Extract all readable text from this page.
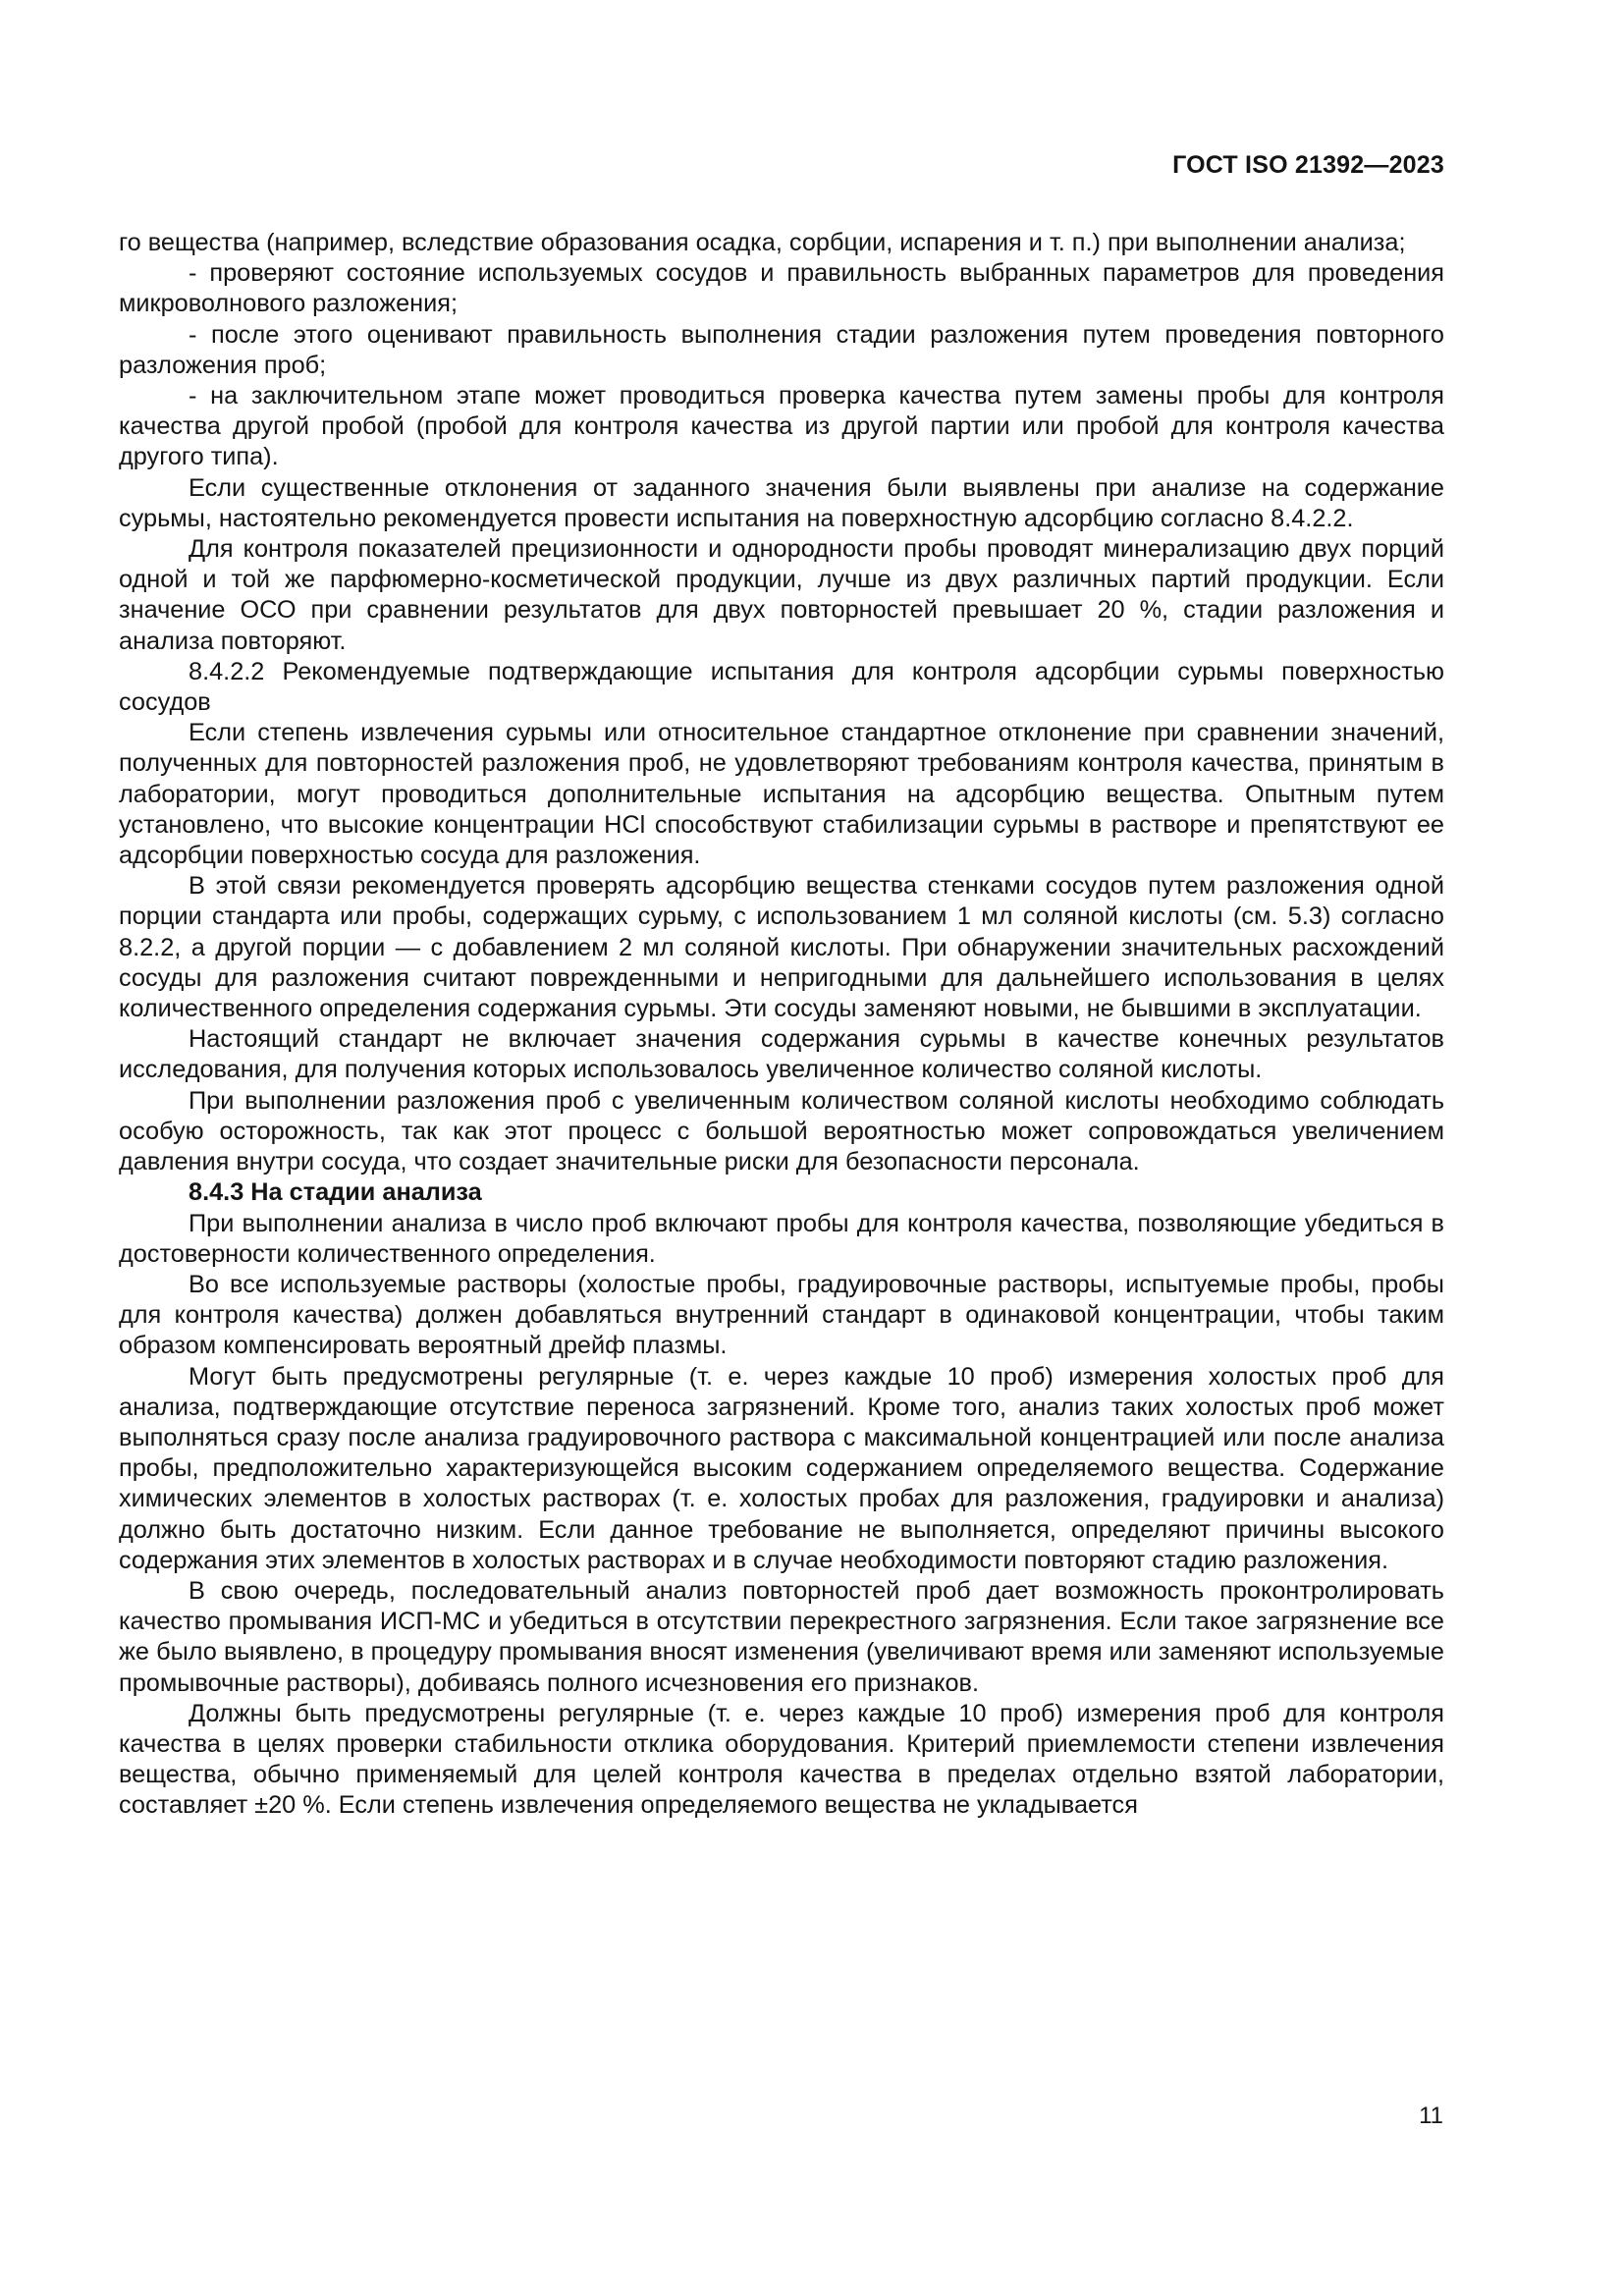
ГОСТ ISO 21392—2023

го вещества (например, вследствие образования осадка, сорбции, испарения и т. п.) при выполнении анализа;

- проверяют состояние используемых сосудов и правильность выбранных параметров для проведения микроволнового разложения;

- после этого оценивают правильность выполнения стадии разложения путем проведения повторного разложения проб;

- на заключительном этапе может проводиться проверка качества путем замены пробы для контроля качества другой пробой (пробой для контроля качества из другой партии или пробой для контроля качества другого типа).

Если существенные отклонения от заданного значения были выявлены при анализе на содержание сурьмы, настоятельно рекомендуется провести испытания на поверхностную адсорбцию согласно 8.4.2.2.

Для контроля показателей прецизионности и однородности пробы проводят минерализацию двух порций одной и той же парфюмерно-косметической продукции, лучше из двух различных партий продукции. Если значение ОСО при сравнении результатов для двух повторностей превышает 20 %, стадии разложения и анализа повторяют.

8.4.2.2 Рекомендуемые подтверждающие испытания для контроля адсорбции сурьмы поверхностью сосудов

Если степень извлечения сурьмы или относительное стандартное отклонение при сравнении значений, полученных для повторностей разложения проб, не удовлетворяют требованиям контроля качества, принятым в лаборатории, могут проводиться дополнительные испытания на адсорбцию вещества. Опытным путем установлено, что высокие концентрации HCl способствуют стабилизации сурьмы в растворе и препятствуют ее адсорбции поверхностью сосуда для разложения.

В этой связи рекомендуется проверять адсорбцию вещества стенками сосудов путем разложения одной порции стандарта или пробы, содержащих сурьму, с использованием 1 мл соляной кислоты (см. 5.3) согласно 8.2.2, а другой порции — с добавлением 2 мл соляной кислоты. При обнаружении значительных расхождений сосуды для разложения считают поврежденными и непригодными для дальнейшего использования в целях количественного определения содержания сурьмы. Эти сосуды заменяют новыми, не бывшими в эксплуатации.

Настоящий стандарт не включает значения содержания сурьмы в качестве конечных результатов исследования, для получения которых использовалось увеличенное количество соляной кислоты.

При выполнении разложения проб с увеличенным количеством соляной кислоты необходимо соблюдать особую осторожность, так как этот процесс с большой вероятностью может сопровождаться увеличением давления внутри сосуда, что создает значительные риски для безопасности персонала.

8.4.3 На стадии анализа

При выполнении анализа в число проб включают пробы для контроля качества, позволяющие убедиться в достоверности количественного определения.

Во все используемые растворы (холостые пробы, градуировочные растворы, испытуемые пробы, пробы для контроля качества) должен добавляться внутренний стандарт в одинаковой концентрации, чтобы таким образом компенсировать вероятный дрейф плазмы.

Могут быть предусмотрены регулярные (т. е. через каждые 10 проб) измерения холостых проб для анализа, подтверждающие отсутствие переноса загрязнений. Кроме того, анализ таких холостых проб может выполняться сразу после анализа градуировочного раствора с максимальной концентрацией или после анализа пробы, предположительно характеризующейся высоким содержанием определяемого вещества. Содержание химических элементов в холостых растворах (т. е. холостых пробах для разложения, градуировки и анализа) должно быть достаточно низким. Если данное требование не выполняется, определяют причины высокого содержания этих элементов в холостых растворах и в случае необходимости повторяют стадию разложения.

В свою очередь, последовательный анализ повторностей проб дает возможность проконтролировать качество промывания ИСП-МС и убедиться в отсутствии перекрестного загрязнения. Если такое загрязнение все же было выявлено, в процедуру промывания вносят изменения (увеличивают время или заменяют используемые промывочные растворы), добиваясь полного исчезновения его признаков.

Должны быть предусмотрены регулярные (т. е. через каждые 10 проб) измерения проб для контроля качества в целях проверки стабильности отклика оборудования. Критерий приемлемости степени извлечения вещества, обычно применяемый для целей контроля качества в пределах отдельно взятой лаборатории, составляет ±20 %. Если степень извлечения определяемого вещества не укладывается

11
